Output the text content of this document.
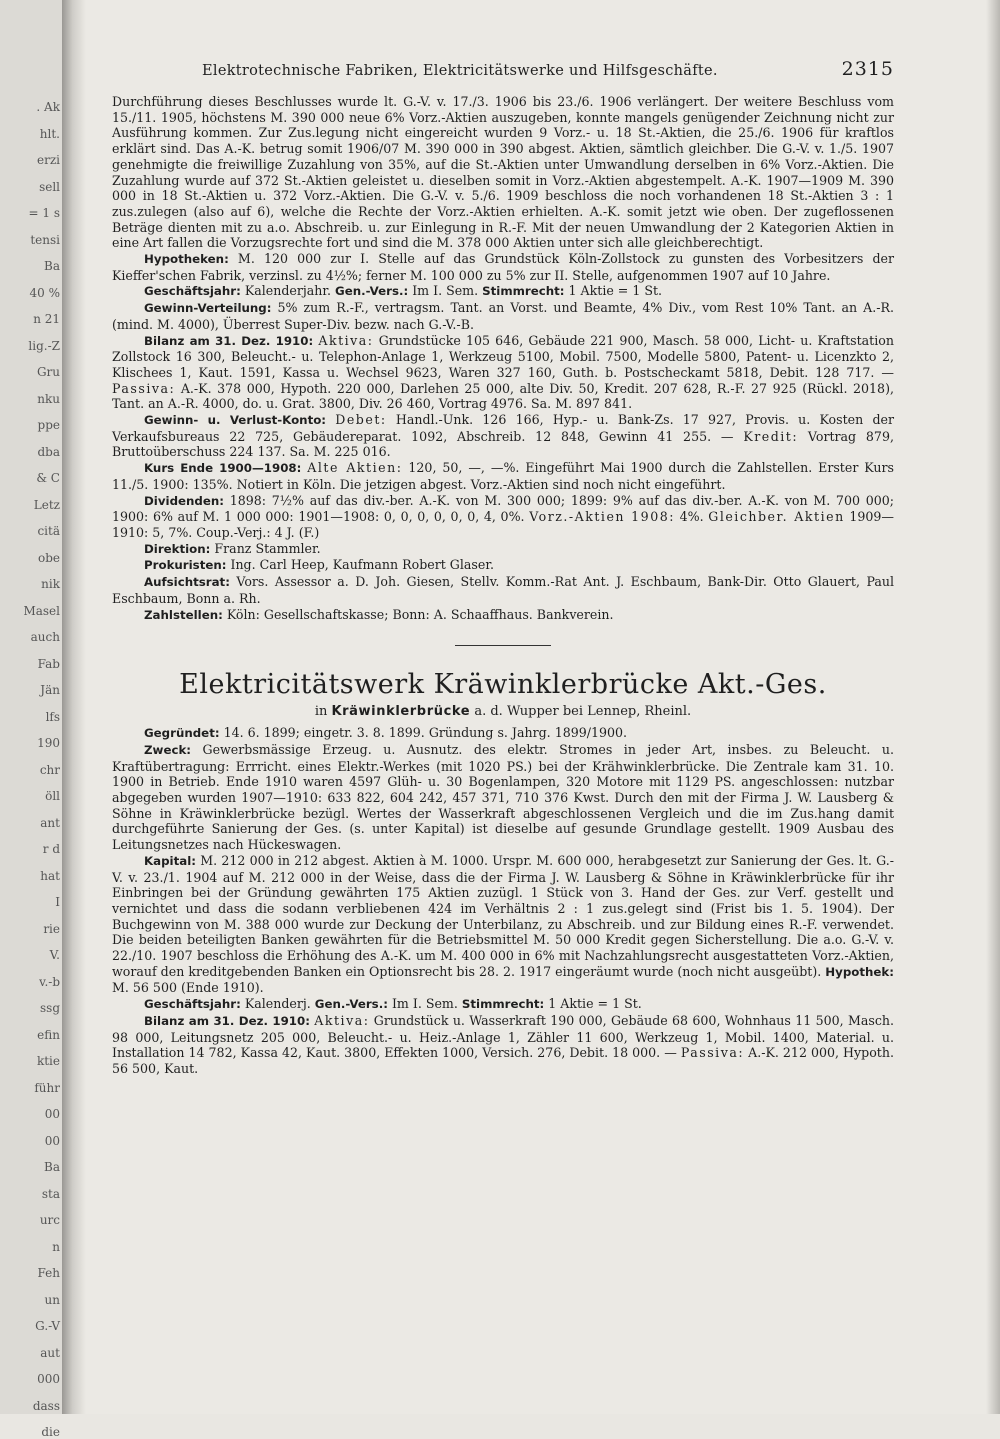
. Ak
hlt.
erzi
sell
= 1 s
tensi
Ba
40 %
n 21
lig.-Z
Gru
nku
ppe
dba
& C
Letz
citä
obe
nik
Masel
auch
Fab
Jän
lfs
190
chr
öll
ant
r d
hat
I
rie
V.
v.-b
ssg
efin
ktie
führ
00
00
Ba
sta
urc
n
Feh
un
G.-V
aut
000
dass
die
Elektrotechnische Fabriken, Elektricitätswerke und Hilfsgeschäfte.	2315

Durchführung dieses Beschlusses wurde lt. G.-V. v. 17./3. 1906 bis 23./6. 1906 verlängert. Der weitere Beschluss vom 15./11. 1905, höchstens M. 390 000 neue 6% Vorz.-Aktien auszugeben, konnte mangels genügender Zeichnung nicht zur Ausführung kommen. Zur Zus.legung nicht eingereicht wurden 9 Vorz.- u. 18 St.-Aktien, die 25./6. 1906 für kraftlos erklärt sind. Das A.-K. betrug somit 1906/07 M. 390 000 in 390 abgest. Aktien, sämtlich gleichber. Die G.-V. v. 1./5. 1907 genehmigte die freiwillige Zuzahlung von 35%, auf die St.-Aktien unter Umwandlung derselben in 6% Vorz.-Aktien. Die Zuzahlung wurde auf 372 St.-Aktien geleistet u. dieselben somit in Vorz.-Aktien abgestempelt. A.-K. 1907—1909 M. 390 000 in 18 St.-Aktien u. 372 Vorz.-Aktien. Die G.-V. v. 5./6. 1909 beschloss die noch vorhandenen 18 St.-Aktien 3 : 1 zus.zulegen (also auf 6), welche die Rechte der Vorz.-Aktien erhielten. A.-K. somit jetzt wie oben. Der zugeflossenen Beträge dienten mit zu a.o. Abschreib. u. zur Einlegung in R.-F. Mit der neuen Umwandlung der 2 Kategorien Aktien in eine Art fallen die Vorzugsrechte fort und sind die M. 378 000 Aktien unter sich alle gleichberechtigt.

Hypotheken: M. 120 000 zur I. Stelle auf das Grundstück Köln-Zollstock zu gunsten des Vorbesitzers der Kieffer'schen Fabrik, verzinsl. zu 4½%; ferner M. 100 000 zu 5% zur II. Stelle, aufgenommen 1907 auf 10 Jahre.

Geschäftsjahr: Kalenderjahr. Gen.-Vers.: Im I. Sem. Stimmrecht: 1 Aktie = 1 St.

Gewinn-Verteilung: 5% zum R.-F., vertragsm. Tant. an Vorst. und Beamte, 4% Div., vom Rest 10% Tant. an A.-R. (mind. M. 4000), Überrest Super-Div. bezw. nach G.-V.-B.

Bilanz am 31. Dez. 1910: Aktiva: Grundstücke 105 646, Gebäude 221 900, Masch. 58 000, Licht- u. Kraftstation Zollstock 16 300, Beleucht.- u. Telephon-Anlage 1, Werkzeug 5100, Mobil. 7500, Modelle 5800, Patent- u. Licenzkto 2, Klischees 1, Kaut. 1591, Kassa u. Wechsel 9623, Waren 327 160, Guth. b. Postscheckamt 5818, Debit. 128 717. — Passiva: A.-K. 378 000, Hypoth. 220 000, Darlehen 25 000, alte Div. 50, Kredit. 207 628, R.-F. 27 925 (Rückl. 2018), Tant. an A.-R. 4000, do. u. Grat. 3800, Div. 26 460, Vortrag 4976. Sa. M. 897 841.

Gewinn- u. Verlust-Konto: Debet: Handl.-Unk. 126 166, Hyp.- u. Bank-Zs. 17 927, Provis. u. Kosten der Verkaufsbureaus 22 725, Gebäudereparat. 1092, Abschreib. 12 848, Gewinn 41 255. — Kredit: Vortrag 879, Bruttoüberschuss 224 137. Sa. M. 225 016.

Kurs Ende 1900—1908: Alte Aktien: 120, 50, —, —%. Eingeführt Mai 1900 durch die Zahlstellen. Erster Kurs 11./5. 1900: 135%. Notiert in Köln. Die jetzigen abgest. Vorz.-Aktien sind noch nicht eingeführt.

Dividenden: 1898: 7½% auf das div.-ber. A.-K. von M. 300 000; 1899: 9% auf das div.-ber. A.-K. von M. 700 000; 1900: 6% auf M. 1 000 000: 1901—1908: 0, 0, 0, 0, 0, 0, 4, 0%. Vorz.-Aktien 1908: 4%. Gleichber. Aktien 1909—1910: 5, 7%. Coup.-Verj.: 4 J. (F.)

Direktion: Franz Stammler.

Prokuristen: Ing. Carl Heep, Kaufmann Robert Glaser.

Aufsichtsrat: Vors. Assessor a. D. Joh. Giesen, Stellv. Komm.-Rat Ant. J. Eschbaum, Bank-Dir. Otto Glauert, Paul Eschbaum, Bonn a. Rh.

Zahlstellen: Köln: Gesellschaftskasse; Bonn: A. Schaaffhaus. Bankverein.

Elektricitätswerk Kräwinklerbrücke Akt.-Ges.
in Kräwinklerbrücke a. d. Wupper bei Lennep, Rheinl.

Gegründet: 14. 6. 1899; eingetr. 3. 8. 1899. Gründung s. Jahrg. 1899/1900.

Zweck: Gewerbsmässige Erzeug. u. Ausnutz. des elektr. Stromes in jeder Art, insbes. zu Beleucht. u. Kraftübertragung: Errricht. eines Elektr.-Werkes (mit 1020 PS.) bei der Krähwinklerbrücke. Die Zentrale kam 31. 10. 1900 in Betrieb. Ende 1910 waren 4597 Glüh- u. 30 Bogenlampen, 320 Motore mit 1129 PS. angeschlossen: nutzbar abgegeben wurden 1907—1910: 633 822, 604 242, 457 371, 710 376 Kwst. Durch den mit der Firma J. W. Lausberg & Söhne in Kräwinklerbrücke bezügl. Wertes der Wasserkraft abgeschlossenen Vergleich und die im Zus.hang damit durchgeführte Sanierung der Ges. (s. unter Kapital) ist dieselbe auf gesunde Grundlage gestellt. 1909 Ausbau des Leitungsnetzes nach Hückeswagen.

Kapital: M. 212 000 in 212 abgest. Aktien à M. 1000. Urspr. M. 600 000, herabgesetzt zur Sanierung der Ges. lt. G.-V. v. 23./1. 1904 auf M. 212 000 in der Weise, dass die der Firma J. W. Lausberg & Söhne in Kräwinklerbrücke für ihr Einbringen bei der Gründung gewährten 175 Aktien zuzügl. 1 Stück von 3. Hand der Ges. zur Verf. gestellt und vernichtet und dass die sodann verbliebenen 424 im Verhältnis 2 : 1 zus.gelegt sind (Frist bis 1. 5. 1904). Der Buchgewinn von M. 388 000 wurde zur Deckung der Unterbilanz, zu Abschreib. und zur Bildung eines R.-F. verwendet. Die beiden beteiligten Banken gewährten für die Betriebsmittel M. 50 000 Kredit gegen Sicherstellung. Die a.o. G.-V. v. 22./10. 1907 beschloss die Erhöhung des A.-K. um M. 400 000 in 6% mit Nachzahlungsrecht ausgestatteten Vorz.-Aktien, worauf den kreditgebenden Banken ein Optionsrecht bis 28. 2. 1917 eingeräumt wurde (noch nicht ausgeübt). Hypothek: M. 56 500 (Ende 1910).

Geschäftsjahr: Kalenderj. Gen.-Vers.: Im I. Sem. Stimmrecht: 1 Aktie = 1 St.

Bilanz am 31. Dez. 1910: Aktiva: Grundstück u. Wasserkraft 190 000, Gebäude 68 600, Wohnhaus 11 500, Masch. 98 000, Leitungsnetz 205 000, Beleucht.- u. Heiz.-Anlage 1, Zähler 11 600, Werkzeug 1, Mobil. 1400, Material. u. Installation 14 782, Kassa 42, Kaut. 3800, Effekten 1000, Versich. 276, Debit. 18 000. — Passiva: A.-K. 212 000, Hypoth. 56 500, Kaut.
